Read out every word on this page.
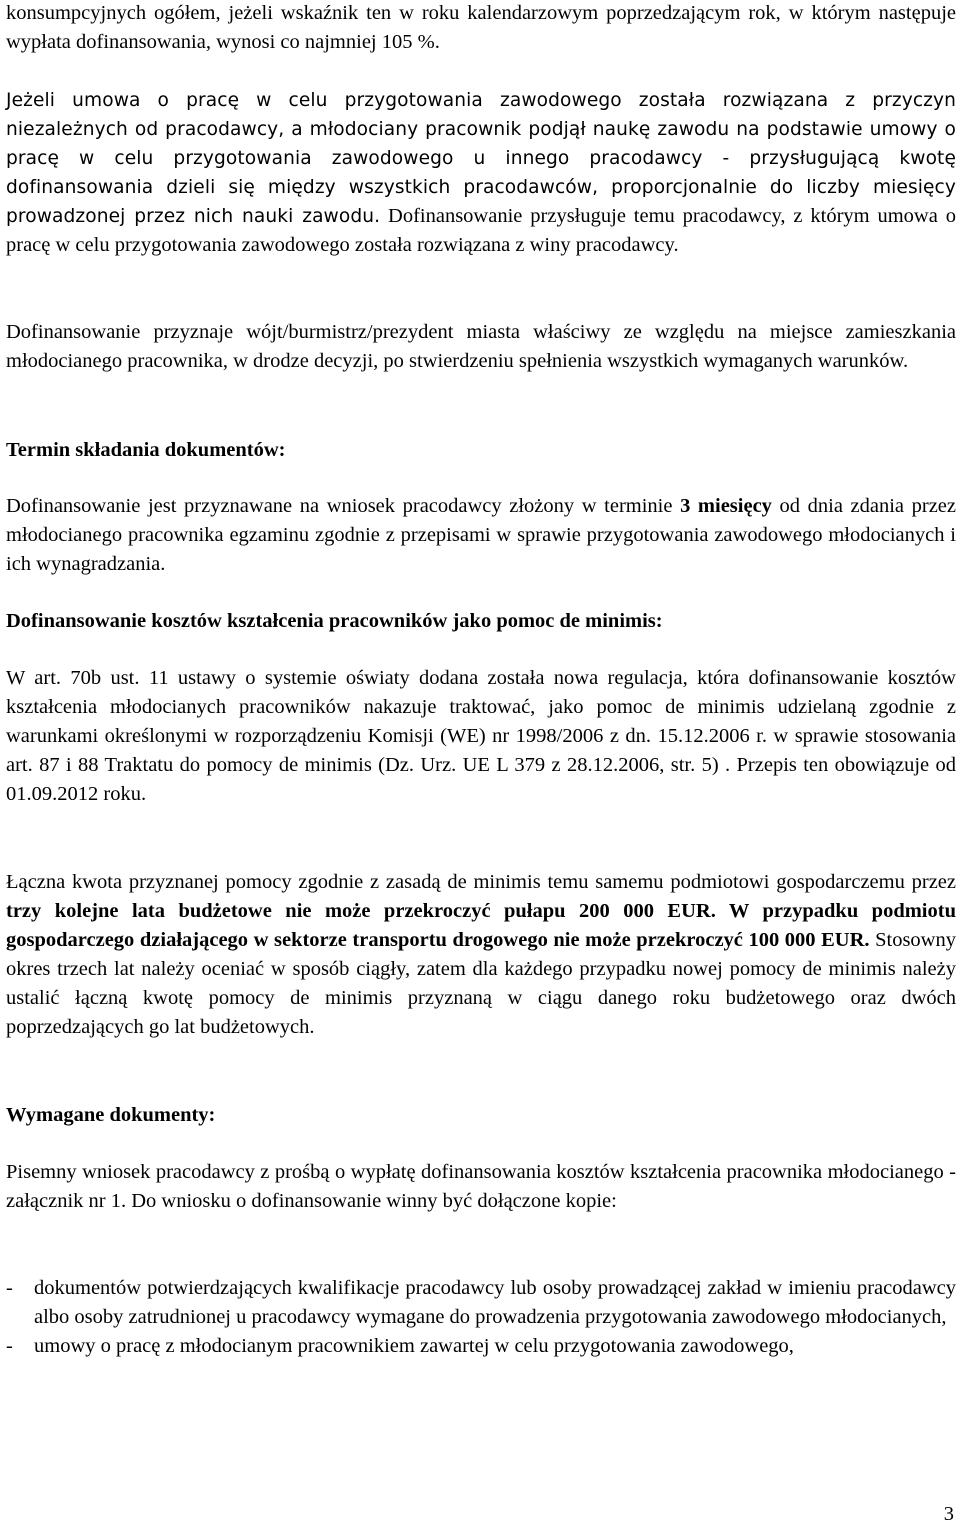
konsumpcyjnych ogółem, jeżeli wskaźnik ten w roku kalendarzowym poprzedzającym rok, w którym następuje wypłata dofinansowania, wynosi co najmniej 105 %.

Jeżeli umowa o pracę w celu przygotowania zawodowego została rozwiązana z przyczyn niezależnych od pracodawcy, a młodociany pracownik podjął naukę zawodu na podstawie umowy o pracę w celu przygotowania zawodowego u innego pracodawcy - przysługującą kwotę dofinansowania dzieli się między wszystkich pracodawców, proporcjonalnie do liczby miesięcy prowadzonej przez nich nauki zawodu. Dofinansowanie przysługuje temu pracodawcy, z którym umowa o pracę w celu przygotowania zawodowego została rozwiązana z winy pracodawcy.

Dofinansowanie przyznaje wójt/burmistrz/prezydent miasta właściwy ze względu na miejsce zamieszkania młodocianego pracownika, w drodze decyzji, po stwierdzeniu spełnienia wszystkich wymaganych warunków.

Termin składania dokumentów:

Dofinansowanie jest przyznawane na wniosek pracodawcy złożony w terminie 3 miesięcy od dnia zdania przez młodocianego pracownika egzaminu zgodnie z przepisami w sprawie przygotowania zawodowego młodocianych i ich wynagradzania.

Dofinansowanie kosztów kształcenia pracowników jako pomoc de minimis:

W art. 70b ust. 11 ustawy o systemie oświaty dodana została nowa regulacja, która dofinansowanie kosztów kształcenia młodocianych pracowników nakazuje traktować, jako pomoc de minimis udzielaną zgodnie z warunkami określonymi w rozporządzeniu Komisji (WE) nr 1998/2006 z dn. 15.12.2006 r. w sprawie stosowania art. 87 i 88 Traktatu do pomocy de minimis (Dz. Urz. UE L 379 z 28.12.2006, str. 5) . Przepis ten obowiązuje od 01.09.2012 roku.

Łączna kwota przyznanej pomocy zgodnie z zasadą de minimis temu samemu podmiotowi gospodarczemu przez trzy kolejne lata budżetowe nie może przekroczyć pułapu 200 000 EUR. W przypadku podmiotu gospodarczego działającego w sektorze transportu drogowego nie może przekroczyć 100 000 EUR. Stosowny okres trzech lat należy oceniać w sposób ciągły, zatem dla każdego przypadku nowej pomocy de minimis należy ustalić łączną kwotę pomocy de minimis przyznaną w ciągu danego roku budżetowego oraz dwóch poprzedzających go lat budżetowych.

Wymagane dokumenty:

Pisemny wniosek pracodawcy z prośbą o wypłatę dofinansowania kosztów kształcenia pracownika młodocianego - załącznik nr 1. Do wniosku o dofinansowanie winny być dołączone kopie:

- dokumentów potwierdzających kwalifikacje pracodawcy lub osoby prowadzącej zakład w imieniu pracodawcy albo osoby zatrudnionej u pracodawcy wymagane do prowadzenia przygotowania zawodowego młodocianych,
- umowy o pracę z młodocianym pracownikiem zawartej w celu przygotowania zawodowego,
3
